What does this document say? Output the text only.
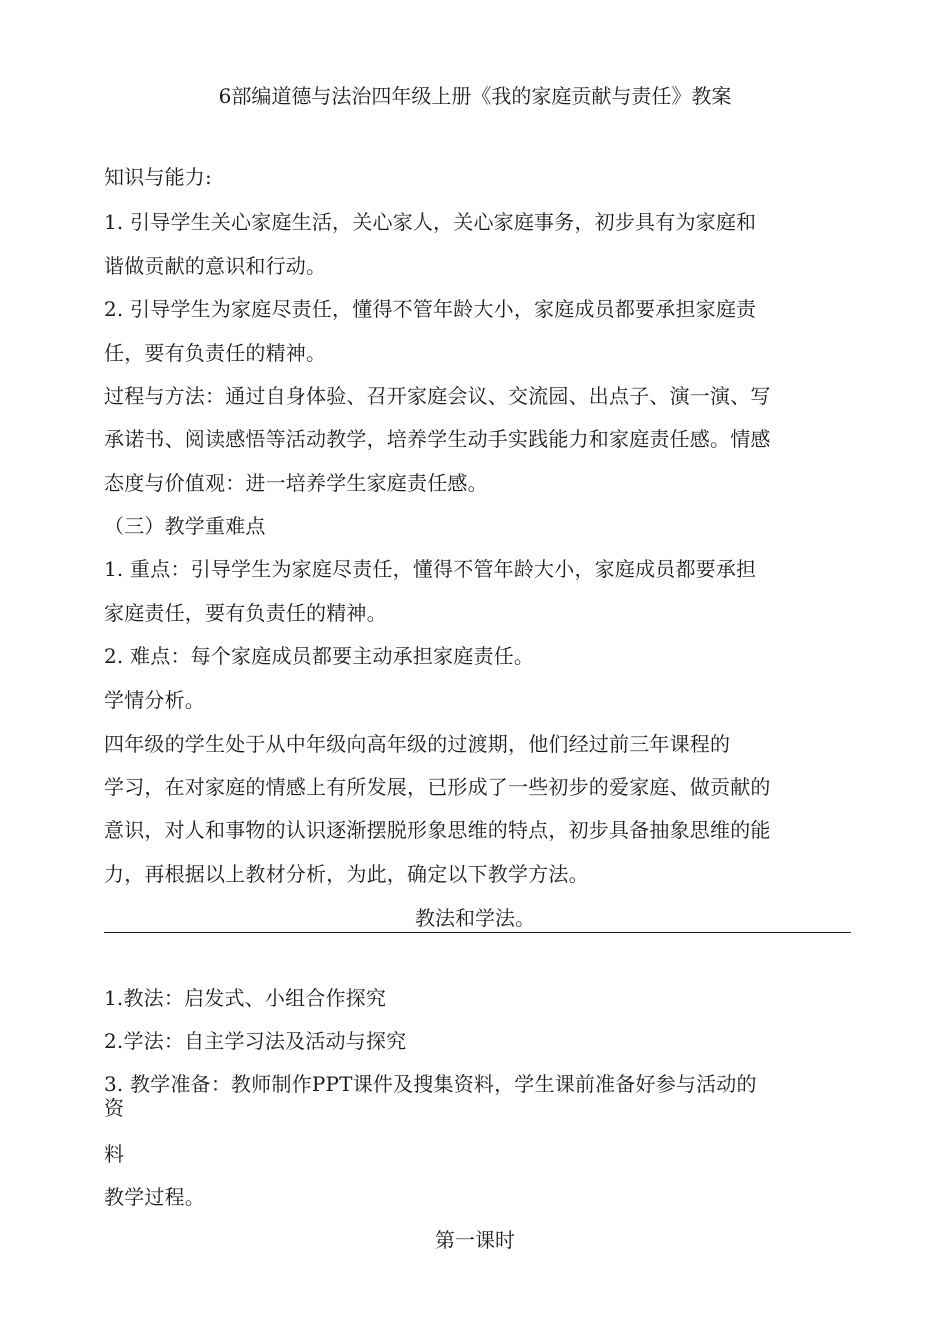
6部编道德与法治四年级上册《我的家庭贡献与责任》教案
知识与能力:
1. 引导学生关心家庭生活，关心家人，关心家庭事务，初步具有为家庭和
谐做贡献的意识和行动。
2. 引导学生为家庭尽责任，懂得不管年龄大小，家庭成员都要承担家庭责
任，要有负责任的精神。
过程与方法：通过自身体验、召开家庭会议、交流园、出点子、演一演、写
承诺书、阅读感悟等活动教学，培养学生动手实践能力和家庭责任感。情感
态度与价值观：进一培养学生家庭责任感。
（三）教学重难点
1. 重点：引导学生为家庭尽责任，懂得不管年龄大小，家庭成员都要承担
家庭责任，要有负责任的精神。
2. 难点：每个家庭成员都要主动承担家庭责任。
学情分析。
四年级的学生处于从中年级向高年级的过渡期，他们经过前三年课程的
学习，在对家庭的情感上有所发展，已形成了一些初步的爱家庭、做贡献的
意识，对人和事物的认识逐渐摆脱形象思维的特点，初步具备抽象思维的能
力，再根据以上教材分析，为此，确定以下教学方法。
教法和学法。
1.教法：启发式、小组合作探究
2.学法：自主学习法及活动与探究
3. 教学准备：教师制作PPT课件及搜集资料，学生课前准备好参与活动的
资
料
教学过程。
第一课时
